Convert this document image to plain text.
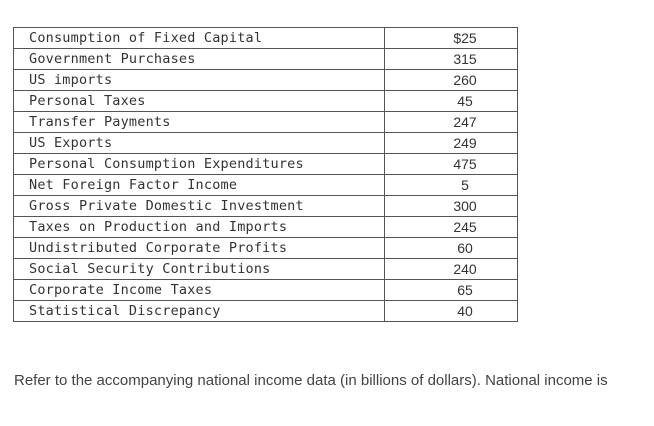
Consumption of Fixed Capital	$25
Government Purchases	315
US imports	260
Personal Taxes	45
Transfer Payments	247
US Exports	249
Personal Consumption Expenditures	475
Net Foreign Factor Income	5
Gross Private Domestic Investment	300
Taxes on Production and Imports	245
Undistributed Corporate Profits	60
Social Security Contributions	240
Corporate Income Taxes	65
Statistical Discrepancy	40
Refer to the accompanying national income data (in billions of dollars). National income is
